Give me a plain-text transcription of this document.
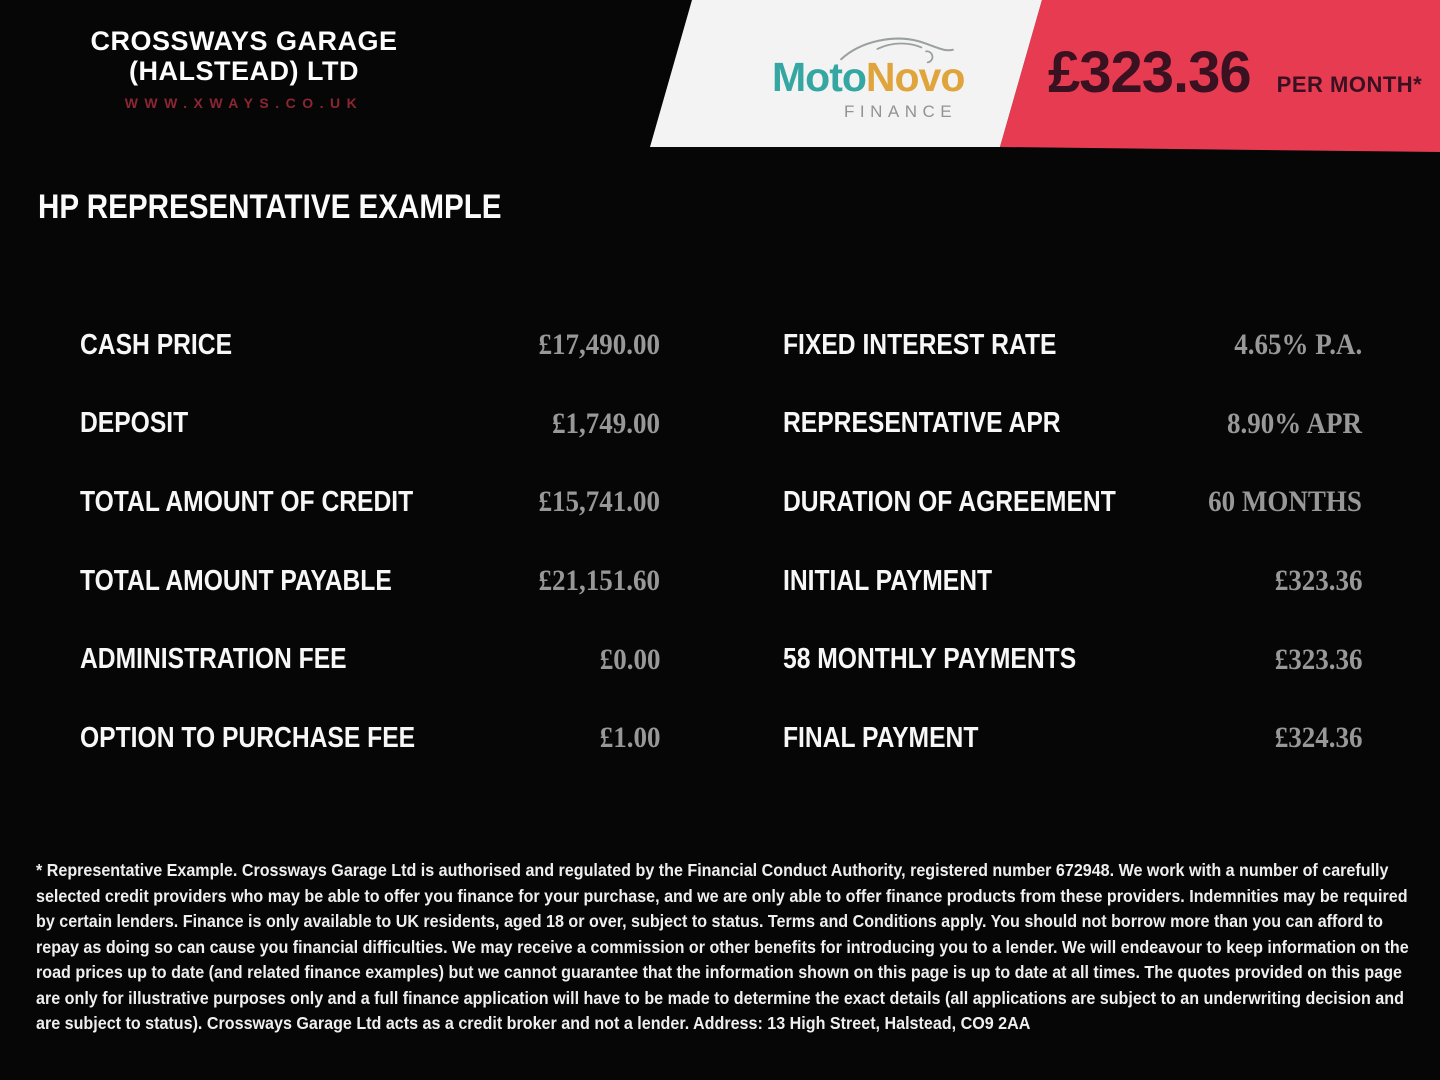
CROSSWAYS GARAGE
(HALSTEAD) LTD
WWW.XWAYS.CO.UK
MotoNovo
FINANCE
£323.36 PER MONTH*
HP REPRESENTATIVE EXAMPLE
CASH PRICE	£17,490.00
DEPOSIT	£1,749.00
TOTAL AMOUNT OF CREDIT	£15,741.00
TOTAL AMOUNT PAYABLE	£21,151.60
ADMINISTRATION FEE	£0.00
OPTION TO PURCHASE FEE	£1.00
FIXED INTEREST RATE	4.65% P.A.
REPRESENTATIVE APR	8.90% APR
DURATION OF AGREEMENT	60 MONTHS
INITIAL PAYMENT	£323.36
58 MONTHLY PAYMENTS	£323.36
FINAL PAYMENT	£324.36
* Representative Example. Crossways Garage Ltd is authorised and regulated by the Financial Conduct Authority, registered number 672948. We work with a number of carefully selected credit providers who may be able to offer you finance for your purchase, and we are only able to offer finance products from these providers. Indemnities may be required by certain lenders. Finance is only available to UK residents, aged 18 or over, subject to status. Terms and Conditions apply. You should not borrow more than you can afford to repay as doing so can cause you financial difficulties. We may receive a commission or other benefits for introducing you to a lender. We will endeavour to keep information on the road prices up to date (and related finance examples) but we cannot guarantee that the information shown on this page is up to date at all times. The quotes provided on this page are only for illustrative purposes only and a full finance application will have to be made to determine the exact details (all applications are subject to an underwriting decision and are subject to status). Crossways Garage Ltd acts as a credit broker and not a lender. Address: 13 High Street, Halstead, CO9 2AA
